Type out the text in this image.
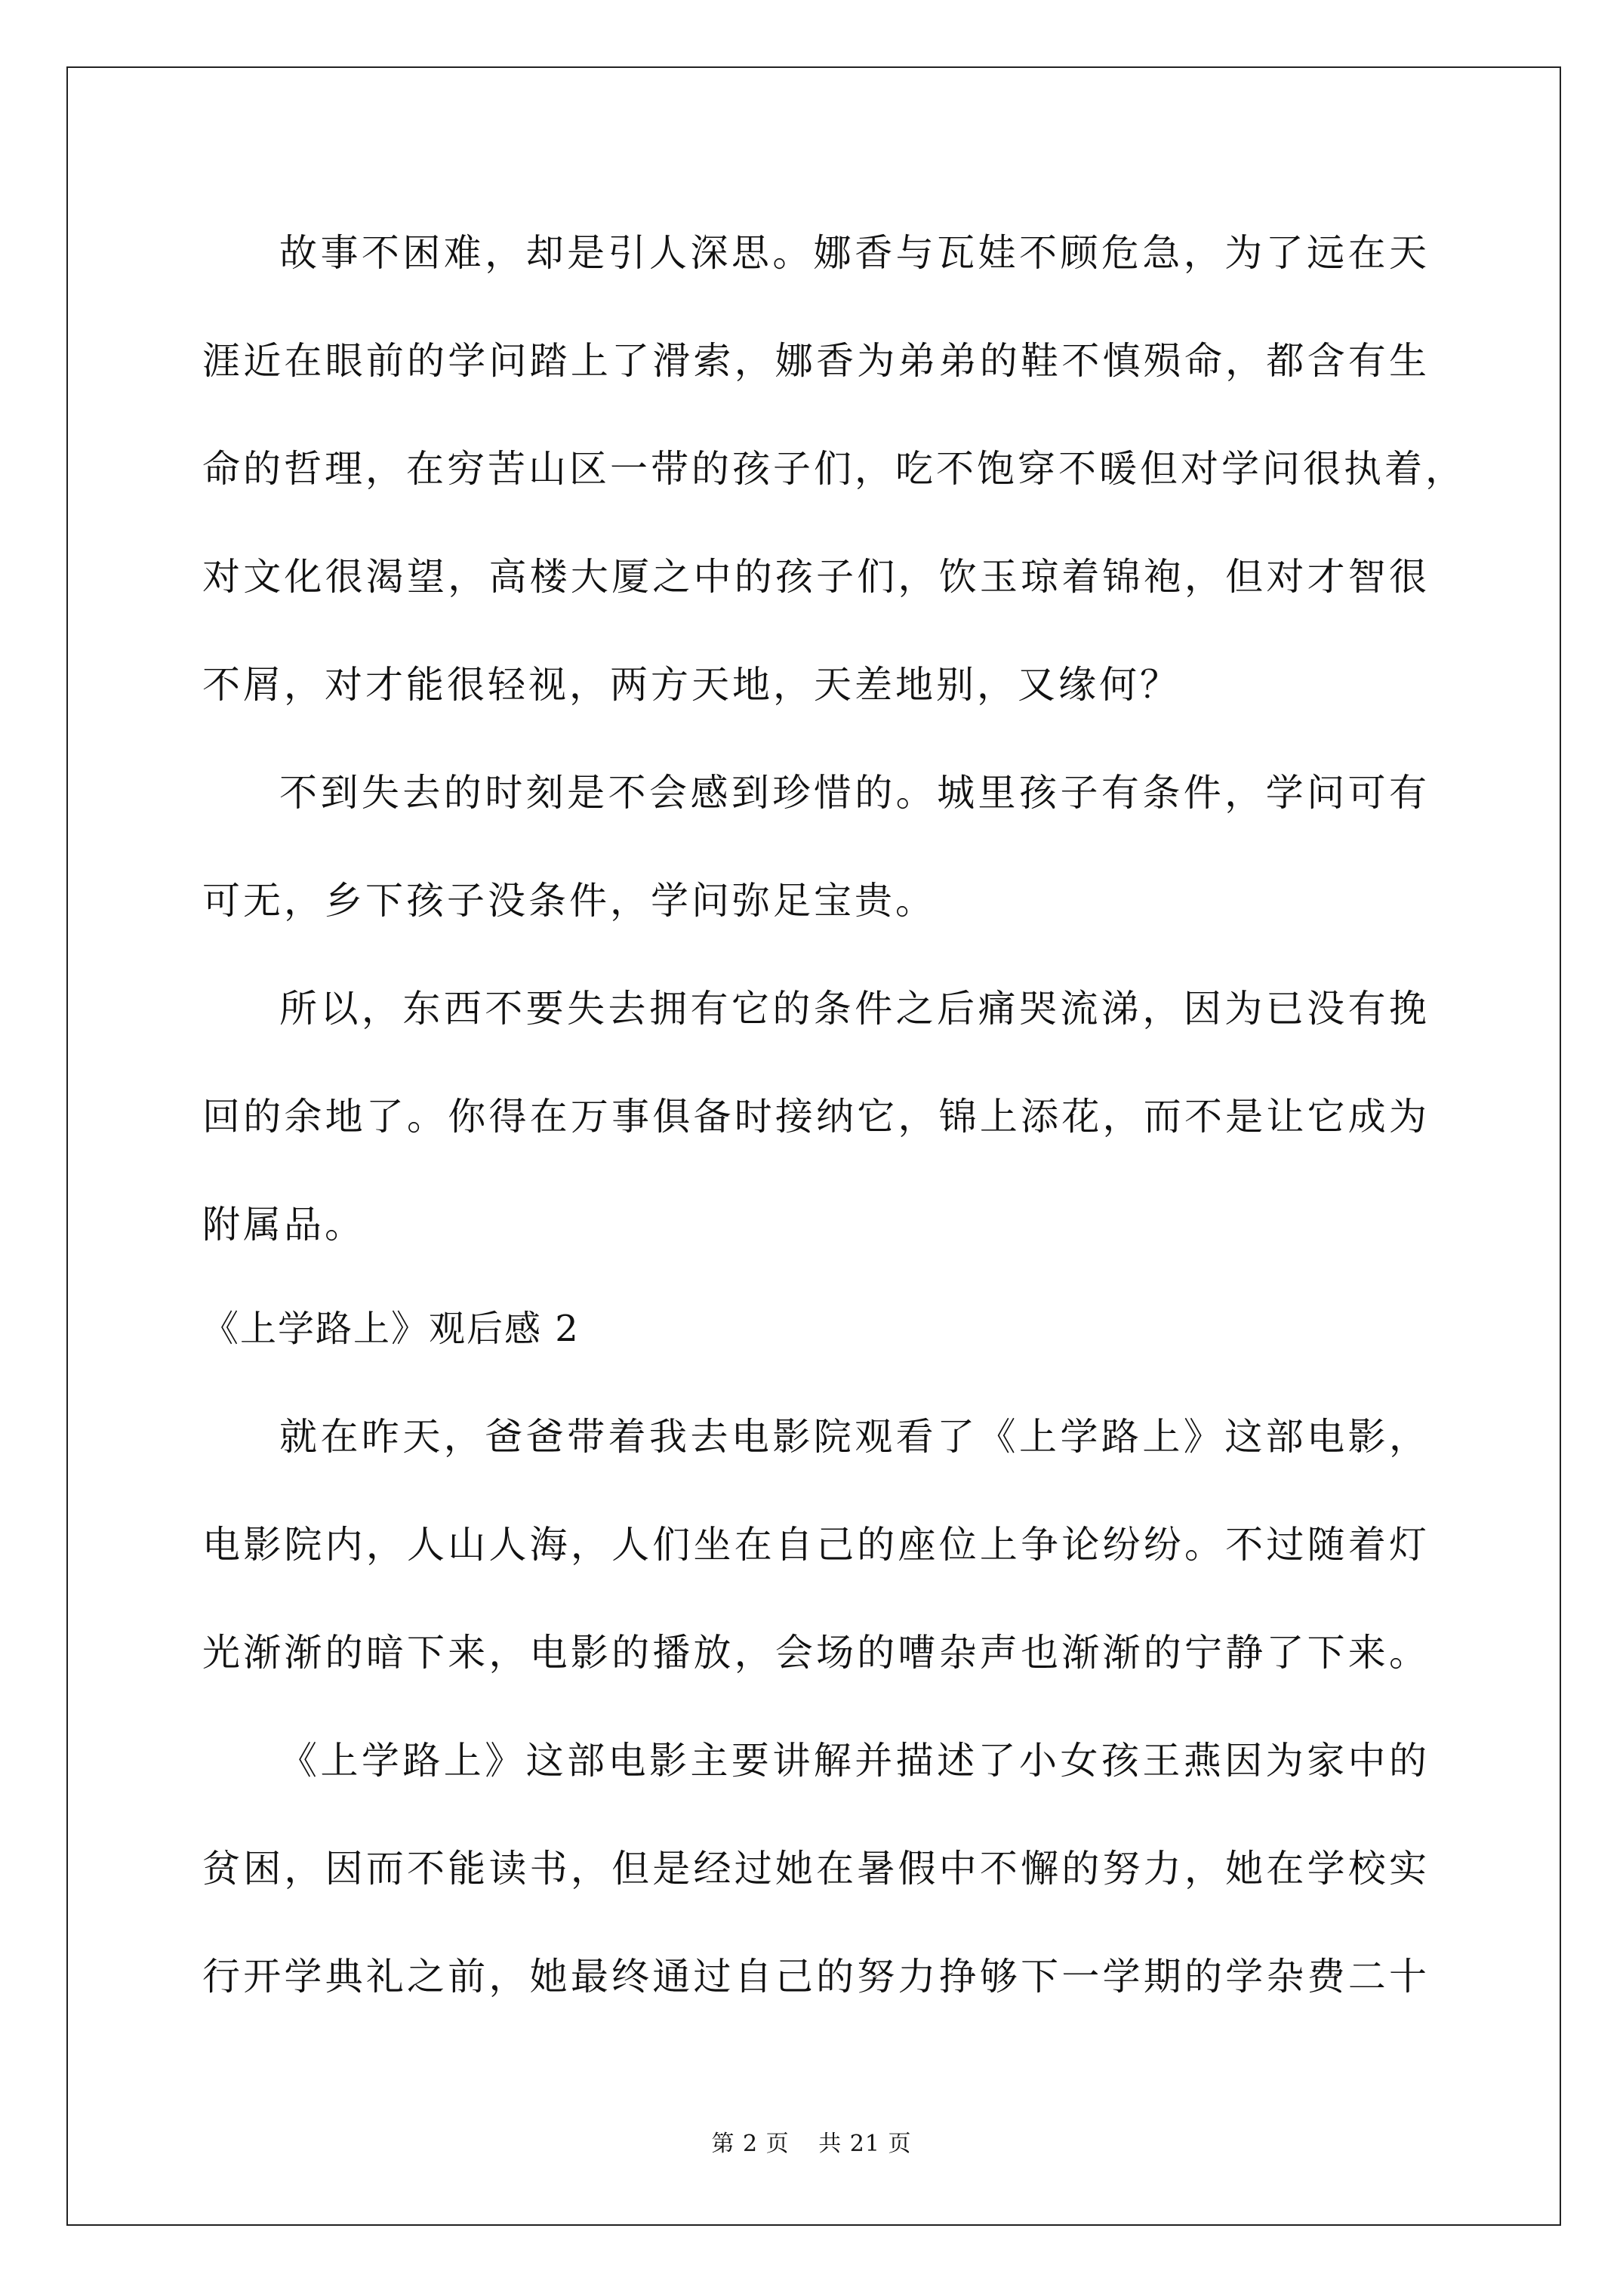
故事不困难，却是引人深思。娜香与瓦娃不顾危急，为了远在天
涯近在眼前的学问踏上了滑索，娜香为弟弟的鞋不慎殒命，都含有生
命的哲理，在穷苦山区一带的孩子们，吃不饱穿不暖但对学问很执着，
对文化很渴望，高楼大厦之中的孩子们，饮玉琼着锦袍，但对才智很
不屑，对才能很轻视，两方天地，天差地别，又缘何？
不到失去的时刻是不会感到珍惜的。城里孩子有条件，学问可有
可无，乡下孩子没条件，学问弥足宝贵。
所以，东西不要失去拥有它的条件之后痛哭流涕，因为已没有挽
回的余地了。你得在万事俱备时接纳它，锦上添花，而不是让它成为
附属品。
《上学路上》观后感 2
就在昨天，爸爸带着我去电影院观看了《上学路上》这部电影，
电影院内，人山人海，人们坐在自己的座位上争论纷纷。不过随着灯
光渐渐的暗下来，电影的播放，会场的嘈杂声也渐渐的宁静了下来。
《上学路上》这部电影主要讲解并描述了小女孩王燕因为家中的
贫困，因而不能读书，但是经过她在暑假中不懈的努力，她在学校实
行开学典礼之前，她最终通过自己的努力挣够下一学期的学杂费二十
第 2 页 共 21 页
